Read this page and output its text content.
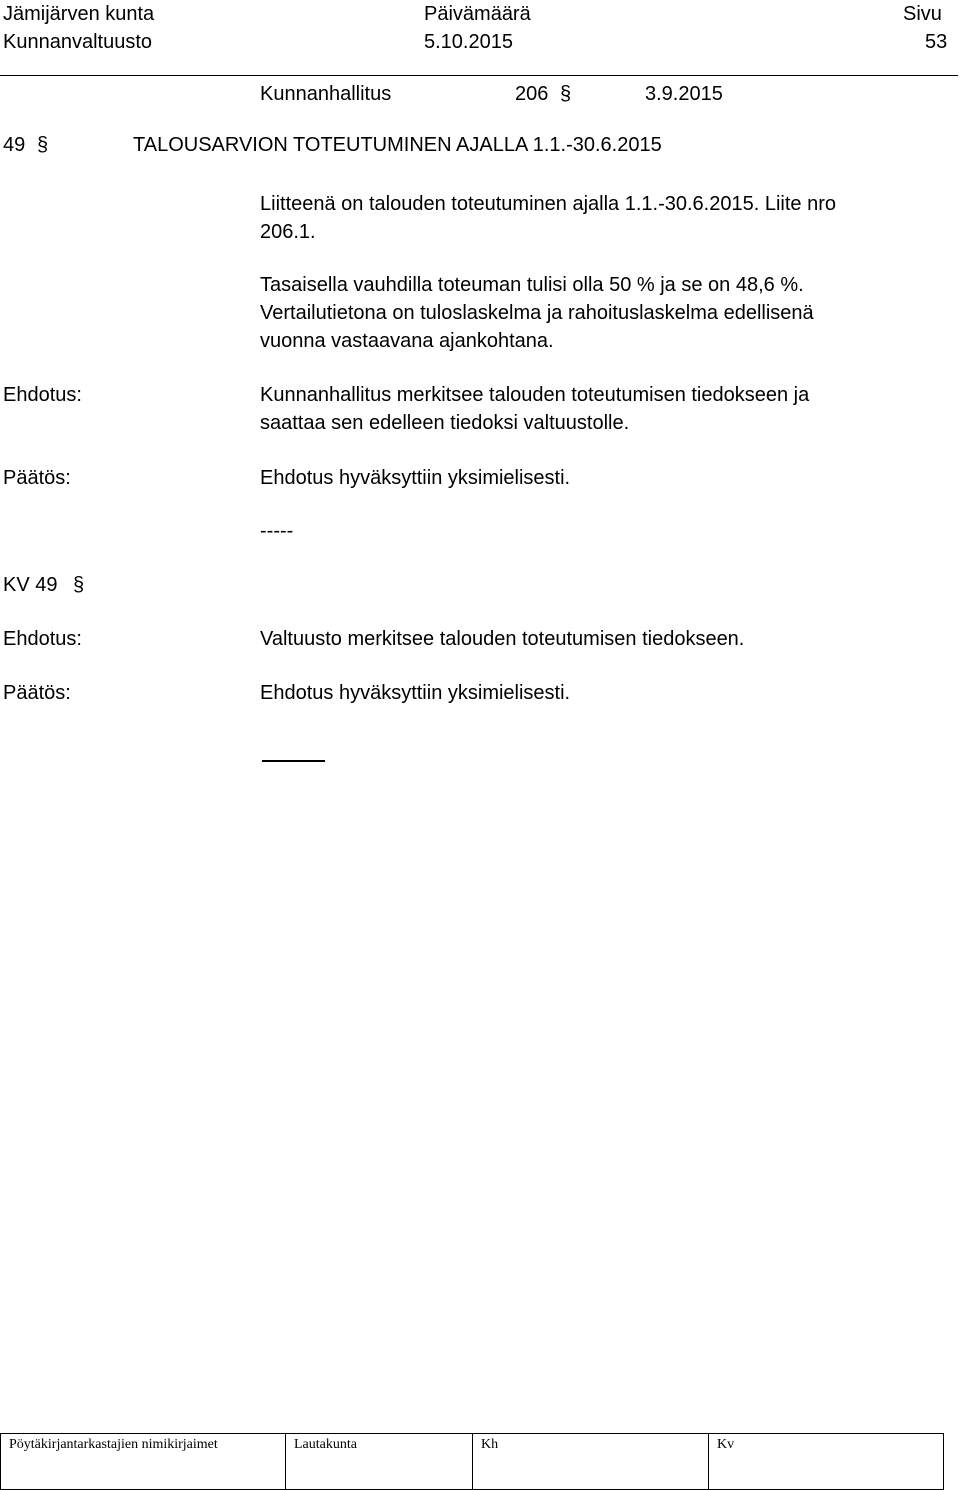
Jämijärven kunta
Kunnanvaltuusto
Päivämäärä
5.10.2015
Sivu
53
Kunnanhallitus	206 §	3.9.2015
49 §	TALOUSARVION TOTEUTUMINEN AJALLA 1.1.-30.6.2015
Liitteenä on talouden toteutuminen ajalla 1.1.-30.6.2015. Liite nro
206.1.
Tasaisella vauhdilla toteuman tulisi olla 50 % ja se on 48,6 %.
Vertailutietona on tuloslaskelma ja rahoituslaskelma edellisenä
vuonna vastaavana ajankohtana.
Ehdotus:	Kunnanhallitus merkitsee talouden toteutumisen tiedokseen ja
saattaa sen edelleen tiedoksi valtuustolle.
Päätös:	Ehdotus hyväksyttiin yksimielisesti.
-----
KV 49 §
Ehdotus:	Valtuusto merkitsee talouden toteutumisen tiedokseen.
Päätös:	Ehdotus hyväksyttiin yksimielisesti.
Pöytäkirjantarkastajien nimikirjaimet	Lautakunta	Kh	Kv
